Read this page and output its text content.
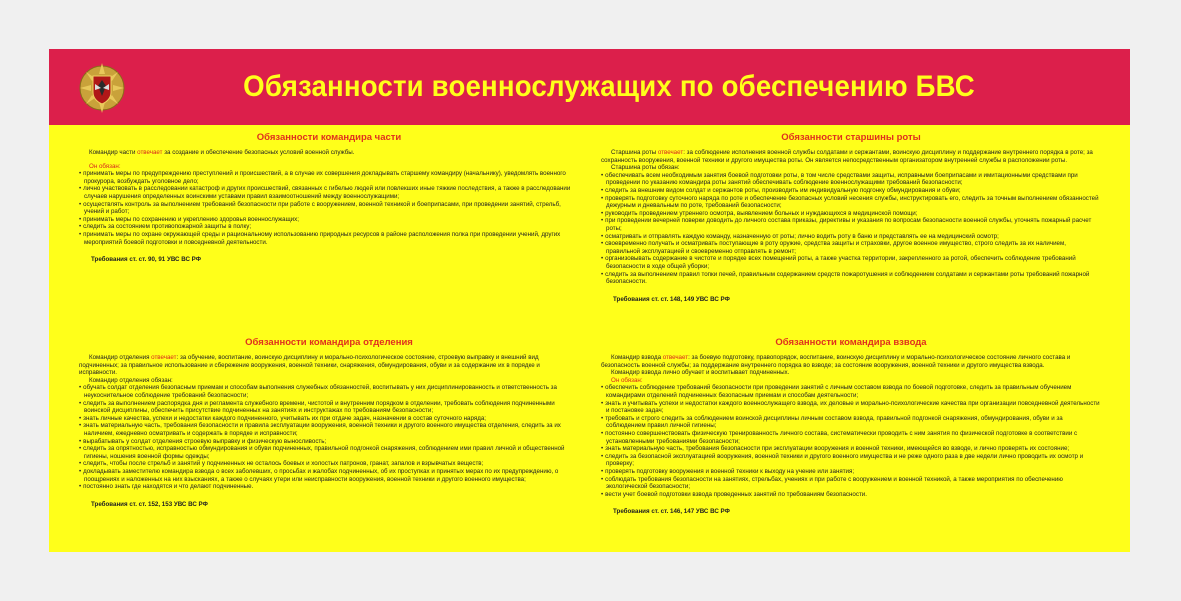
Обязанности военнослужащих по обеспечению БВС
Обязанности командира части

Командир части отвечает за создание и обеспечение безопасных условий военной службы.

Он обязан:

• принимать меры по предупреждению преступлений и происшествий, а в случае их совершения докладывать старшему командиру (начальнику), уведомлять военного прокурора, возбуждать уголовное дело;
• лично участвовать в расследовании катастроф и других происшествий, связанных с гибелью людей или повлекших иные тяжкие последствия, а также в расследовании случаев нарушения определенных воинскими уставами правил взаимоотношений между военнослужащими;
• осуществлять контроль за выполнением требований безопасности при работе с вооружением, военной техникой и боеприпасами, при проведении занятий, стрельб, учений и работ;
• принимать меры по сохранению и укреплению здоровья военнослужащих;
• следить за состоянием противопожарной защиты в полку;
• принимать меры по охране окружающей среды и рациональному использованию природных ресурсов в районе расположения полка при проведении учений, других мероприятий боевой подготовки и повседневной деятельности.
Требования ст. ст. 90, 91 УВС ВС РФ
Обязанности старшины роты

Старшина роты отвечает: за соблюдение исполнения военной службы солдатами и сержантами, воинскую дисциплину и поддержание внутреннего порядка в роте; за сохранность вооружения, военной техники и другого имущества роты. Он является непосредственным организатором внутренней службы в расположении роты.

Старшина роты обязан:

• обеспечивать всем необходимым занятия боевой подготовки роты, в том числе средствами защиты, исправными боеприпасами и имитационными средствами при проведении по указанию командира роты занятий обеспечивать соблюдение военнослужащими требований безопасности;
• следить за внешним видом солдат и сержантов роты, производить им индивидуальную подгонку обмундирования и обуви;
• проверять подготовку суточного наряда по роте и обеспечение безопасных условий несения службы, инструктировать его, следить за точным выполнением обязанностей дежурным и дневальным по роте, требований безопасности;
• руководить проведением утреннего осмотра, выявлением больных и нуждающихся в медицинской помощи;
• при проведении вечерней поверки доводить до личного состава приказы, директивы и указания по вопросам безопасности военной службы, уточнять пожарный расчет роты;
• осматривать и отправлять каждую команду, назначенную от роты; лично водить роту в баню и представлять ее на медицинский осмотр;
• своевременно получать и осматривать поступающие в роту оружие, средства защиты и страховки, другое военное имущество, строго следить за их наличием, правильной эксплуатацией и своевременно отправлять в ремонт;
• организовывать содержание в чистоте и порядке всех помещений роты, а также участка территории, закрепленного за ротой, обеспечить соблюдение требований безопасности в ходе общей уборки;
• следить за выполнением правил топки печей, правильным содержанием средств пожаротушения и соблюдением солдатами и сержантами роты требований пожарной безопасности.
Требования ст. ст. 148, 149 УВС ВС РФ
Обязанности командира отделения

Командир отделения отвечает: за обучение, воспитание, воинскую дисциплину и морально-психологическое состояние, строевую выправку и внешний вид подчиненных; за правильное использование и сбережение вооружения, военной техники, снаряжения, обмундирования, обуви и за содержание их в порядке и исправности.

Командир отделения обязан:

• обучать солдат отделения безопасным приемам и способам выполнения служебных обязанностей, воспитывать у них дисциплинированность и ответственность за неукоснительное соблюдение требований безопасности;
• следить за выполнением распорядка дня и регламента служебного времени, чистотой и внутренним порядком в отделении, требовать соблюдения подчиненными воинской дисциплины, обеспечить присутствие подчиненных на занятиях и инструктажах по требованиям безопасности;
• знать личные качества, успехи и недостатки каждого подчиненного, учитывать их при отдаче задач, назначении в состав суточного наряда;
• знать материальную часть, требования безопасности и правила эксплуатации вооружения, военной техники и другого военного имущества отделения, следить за их наличием, ежедневно осматривать и содержать в порядке и исправности;
• вырабатывать у солдат отделения строевую выправку и физическую выносливость;
• следить за опрятностью, исправностью обмундирования и обуви подчиненных, правильной подгонкой снаряжения, соблюдением ими правил личной и общественной гигиены, ношения военной формы одежды;
• следить, чтобы после стрельб и занятий у подчиненных не осталось боевых и холостых патронов, гранат, запалов и взрывчатых веществ;
• докладывать заместителю командира взвода о всех заболевших, о просьбах и жалобах подчиненных, об их проступках и принятых мерах по их предупреждению, о поощрениях и наложенных на них взысканиях, а также о случаях утери или неисправности вооружения, военной техники и другого военного имущества;
• постоянно знать где находятся и что делают подчиненные.
Требования ст. ст. 152, 153 УВС ВС РФ
Обязанности командира взвода

Командир взвода отвечает: за боевую подготовку, правопорядок, воспитание, воинскую дисциплину и морально-психологическое состояние личного состава и безопасность военной службы; за поддержание внутреннего порядка во взводе; за состояние вооружения, военной техники и другого имущества взвода.

Командир взвода лично обучает и воспитывает подчиненных.

Он обязан:

• обеспечить соблюдение требований безопасности при проведении занятий с личным составом взвода по боевой подготовке, следить за правильным обучением командирами отделений подчиненных безопасным приемам и способам деятельности;
• знать и учитывать успехи и недостатки каждого военнослужащего взвода, их деловые и морально-психологические качества при организации повседневной деятельности и постановке задач;
• требовать и строго следить за соблюдением воинской дисциплины личным составом взвода, правильной подгонкой снаряжения, обмундирования, обуви и за соблюдением правил личной гигиены;
• постоянно совершенствовать физическую тренированность личного состава, систематически проводить с ним занятия по физической подготовке в соответствии с установленными требованиями безопасности;
• знать материальную часть, требования безопасности при эксплуатации вооружения и военной техники, имеющейся во взводе, и лично проверять их состояние;
• следить за безопасной эксплуатацией вооружения, военной техники и другого военного имущества и не реже одного раза в две недели лично проводить их осмотр и проверку;
• проверять подготовку вооружения и военной техники к выходу на учение или занятия;
• соблюдать требования безопасности на занятиях, стрельбах, учениях и при работе с вооружением и военной техникой, а также мероприятия по обеспечению экологической безопасности;
• вести учет боевой подготовки взвода проведенных занятий по требованиям безопасности.
Требования ст. ст. 146, 147 УВС ВС РФ
